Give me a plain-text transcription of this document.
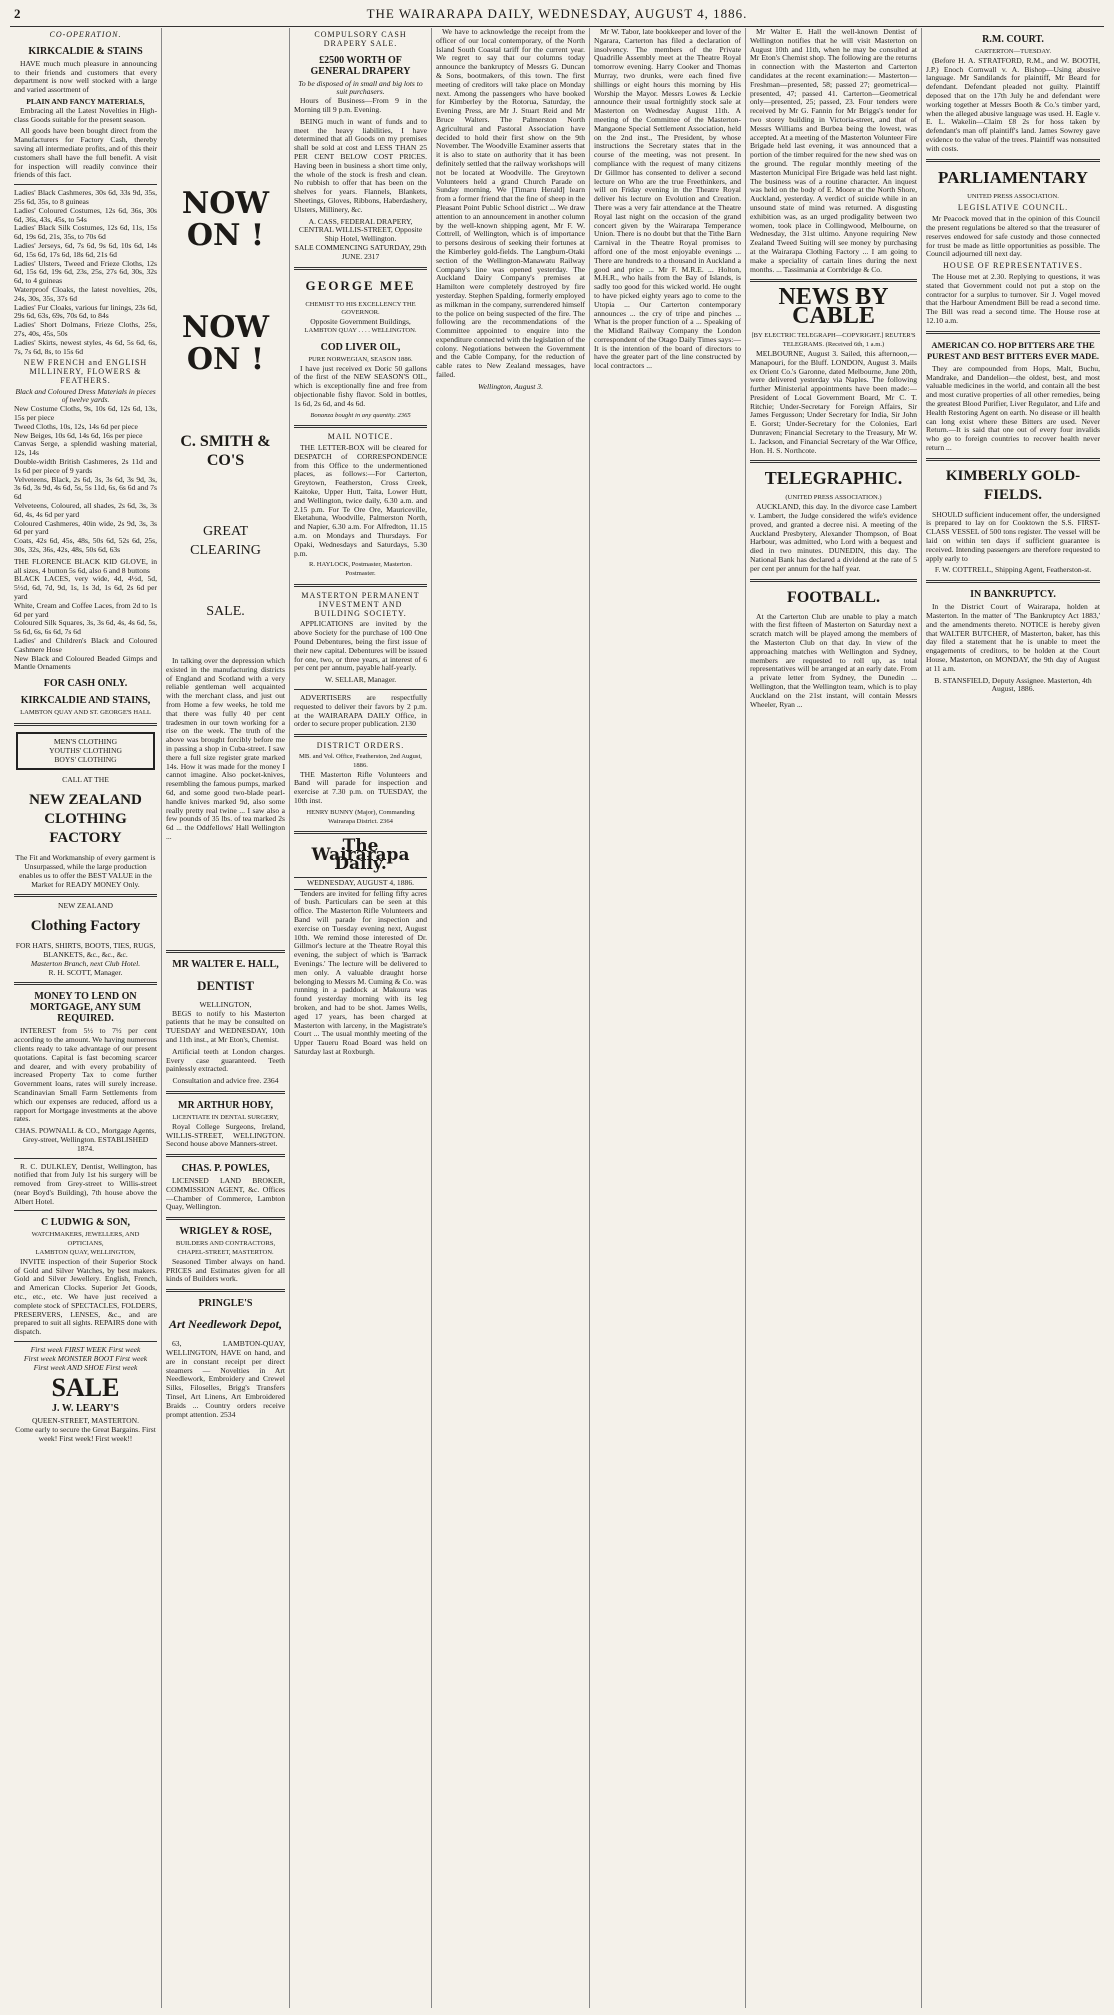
2	THE WAIRARAPA DAILY, WEDNESDAY, AUGUST 4, 1886.
CO-OPERATION.
KIRKCALDIE & STAINS

HAVE much much pleasure in announcing to their friends and customers that every department is now well stocked with a large and varied assortment of

PLAIN AND FANCY MATERIALS,

Embracing all the Latest Novelties in High-class Goods suitable for the present season.

All goods have been bought direct from the Manufacturers for Factory Cash, thereby saving all intermediate profits, and of this their customers shall have the full benefit. A visit for inspection will readily convince their friends of this fact.

Ladies' Black Cashmeres, 30s 6d, 33s 9d, 35s, 25s 6d, 35s, to 8 guineas
Ladies' Coloured Costumes, 12s 6d, 36s, 30s 6d, 36s, 43s, 45s, to 54s
Ladies' Black Silk Costumes, 12s 6d, 11s, 15s 6d, 19s 6d, 21s, 35s, to 70s 6d
Ladies' Jerseys, 6d, 7s 6d, 9s 6d, 10s 6d, 14s 6d, 15s 6d, 17s 6d, 18s 6d, 21s 6d
Ladies' Ulsters, Tweed and Frieze Cloths, 12s 6d, 15s 6d, 19s 6d, 23s, 25s, 27s 6d, 30s, 32s 6d, to 4 guineas
Waterproof Cloaks, the latest novelties, 20s, 24s, 30s, 35s, 37s 6d
Ladies' Fur Cloaks, various fur linings, 23s 6d, 29s 6d, 63s, 69s, 70s 6d, to 84s
Ladies' Short Dolmans, Frieze Cloths, 25s, 27s, 40s, 45s, 50s
Ladies' Skirts, newest styles, 4s 6d, 5s 6d, 6s, 7s, 7s 6d, 8s, to 15s 6d
NEW FRENCH and ENGLISH MILLINERY, FLOWERS & FEATHERS.
Black and Coloured Dress Materials in pieces of twelve yards.
New Costume Cloths, 9s, 10s 6d, 12s 6d, 13s, 15s per piece
Tweed Cloths, 10s, 12s, 14s 6d per piece
New Beiges, 10s 6d, 14s 6d, 16s per piece
Canvas Serge, a splendid washing material, 12s, 14s
Double-width British Cashmeres, 2s 11d and 1s 6d per piece of 9 yards
Velveteens, Black, 2s 6d, 3s, 3s 6d, 3s 9d, 3s, 3s 6d, 3s 9d, 4s 6d, 5s, 5s 11d, 6s, 6s 6d and 7s 6d
Velveteens, Coloured, all shades, 2s 6d, 3s, 3s 6d, 4s, 4s 6d per yard
Coloured Cashmeres, 40in wide, 2s 9d, 3s, 3s 6d per yard
Coats, 42s 6d, 45s, 48s, 50s 6d, 52s 6d, 25s, 30s, 32s, 36s, 42s, 48s, 50s 6d, 63s
THE FLORENCE BLACK KID GLOVE, in all sizes, 4 button 5s 6d, also 6 and 8 buttons
BLACK LACES, very wide, 4d, 4½d, 5d, 5½d, 6d, 7d, 9d, 1s, 1s 3d, 1s 6d, 2s 6d per yard
White, Cream and Coffee Laces, from 2d to 1s 6d per yard
Coloured Silk Squares, 3s, 3s 6d, 4s, 4s 6d, 5s, 5s 6d, 6s, 6s 6d, 7s 6d
Ladies' and Children's Black and Coloured Cashmere Hose
New Black and Coloured Beaded Gimps and Mantle Ornaments
FOR CASH ONLY.
KIRKCALDIE AND STAINS,
LAMBTON QUAY AND ST. GEORGE'S HALL
MEN'S CLOTHING
YOUTHS' CLOTHING
BOYS' CLOTHING
CALL AT THE
NEW ZEALAND CLOTHING FACTORY
The Fit and Workmanship of every garment is Unsurpassed, while the large production enables us to offer the BEST VALUE in the Market for READY MONEY Only.
NEW ZEALAND
Clothing Factory
FOR HATS, SHIRTS, BOOTS, TIES, RUGS, BLANKETS, &c., &c., &c.
Masterton Branch, next Club Hotel.
R. H. SCOTT, Manager.
MONEY TO LEND ON MORTGAGE, ANY SUM REQUIRED.

INTEREST from 5½ to 7½ per cent according to the amount. We having numerous clients ready to take advantage of our present quotations. Capital is fast becoming scarcer and dearer, and with every probability of increased Property Tax to come further Government loans, rates will surely increase. Scandinavian Small Farm Settlements from which our expenses are reduced, afford us a rapport for Mortgage investments at the above rates.

CHAS. POWNALL & CO., Mortgage Agents, Grey-street, Wellington. ESTABLISHED 1874.

R. C. DULKLEY, Dentist, Wellington, has notified that from July 1st his surgery will be removed from Grey-street to Willis-street (near Boyd's Building), 7th house above the Albert Hotel.

C LUDWIG & SON,
WATCHMAKERS, JEWELLERS, AND OPTICIANS,
LAMBTON QUAY, WELLINGTON,

INVITE inspection of their Superior Stock of Gold and Silver Watches, by best makers. Gold and Silver Jewellery. English, French, and American Clocks. Superior Jet Goods, etc., etc., etc. We have just received a complete stock of SPECTACLES, FOLDERS, PRESERVERS, LENSES, &c., and are prepared to suit all sights. REPAIRS done with dispatch.

First week FIRST WEEK First week
First week MONSTER BOOT First week
First week AND SHOE First week
SALE
J. W. LEARY'S
QUEEN-STREET, MASTERTON.
Come early to secure the Great Bargains. First week! First week! First week!!
NOW ON !
NOW ON !
C. SMITH & CO'S
GREAT CLEARING
SALE.

In talking over the depression which existed in the manufacturing districts of England and Scotland with a very reliable gentleman well acquainted with the merchant class, and just out from Home a few weeks, he told me that there was fully 40 per cent tradesmen in our town working for a rise on the week. The truth of the above was brought forcibly before me in passing a shop in Cuba-street. I saw there a full size register grate marked 14s. How it was made for the money I cannot imagine. Also pocket-knives, resembling the famous pumps, marked 6d, and some good two-blade pearl-handle knives marked 9d, also some really pretty real twine ... I saw also a few pounds of 35 lbs. of tea marked 2s 6d ... the Oddfellows' Hall Wellington ...

MR WALTER E. HALL,
DENTIST
WELLINGTON,

BEGS to notify to his Masterton patients that he may be consulted on TUESDAY and WEDNESDAY, 10th and 11th inst., at Mr Eton's, Chemist.

Artificial teeth at London charges. Every case guaranteed. Teeth painlessly extracted.

Consultation and advice free. 2364
MR ARTHUR HOBY,
LICENTIATE IN DENTAL SURGERY,

Royal College Surgeons, Ireland, WILLIS-STREET, WELLINGTON. Second house above Manners-street.

CHAS. P. POWLES,

LICENSED LAND BROKER, COMMISSION AGENT, &c. Offices—Chamber of Commerce, Lambton Quay, Wellington.

WRIGLEY & ROSE,
BUILDERS AND CONTRACTORS,
CHAPEL-STREET, MASTERTON.

Seasoned Timber always on hand. PRICES and Estimates given for all kinds of Builders work.

PRINGLE'S
Art Needlework Depot,

63, LAMBTON-QUAY, WELLINGTON, HAVE on hand, and are in constant receipt per direct steamers — Novelties in Art Needlework, Embroidery and Crewel Silks, Filoselles, Brigg's Transfers Tinsel, Art Linens, Art Embroidered Braids ... Country orders receive prompt attention. 2534

COMPULSORY CASH DRAPERY SALE.
£2500 WORTH OF GENERAL DRAPERY
To be disposed of in small and big lots to suit purchasers.

Hours of Business—From 9 in the Morning till 9 p.m. Evening.

BEING much in want of funds and to meet the heavy liabilities, I have determined that all Goods on my premises shall be sold at cost and LESS THAN 25 PER CENT BELOW COST PRICES. Having been in business a short time only, the whole of the stock is fresh and clean. No rubbish to offer that has been on the shelves for years. Flannels, Blankets, Sheetings, Gloves, Ribbons, Haberdashery, Ulsters, Millinery, &c.

A. CASS, FEDERAL DRAPERY, CENTRAL WILLIS-STREET, Opposite Ship Hotel, Wellington.
SALE COMMENCING SATURDAY, 29th JUNE. 2317
GEORGE MEE
CHEMIST TO HIS EXCELLENCY THE GOVERNOR.
Opposite Government Buildings,
LAMBTON QUAY . . . . WELLINGTON.
COD LIVER OIL,
PURE NORWEGIAN, SEASON 1886.

I have just received ex Doric 50 gallons of the first of the NEW SEASON'S OIL, which is exceptionally fine and free from objectionable fishy flavor. Sold in bottles, 1s 6d, 2s 6d, and 4s 6d.

Bonanza bought in any quantity. 2365
MAIL NOTICE.

THE LETTER-BOX will be cleared for DESPATCH of CORRESPONDENCE from this Office to the undermentioned places, as follows:—For Carterton, Greytown, Featherston, Cross Creek, Kaitoke, Upper Hutt, Taita, Lower Hutt, and Wellington, twice daily, 6.30 a.m. and 2.15 p.m. For Te Ore Ore, Mauriceville, Eketahuna, Woodville, Palmerston North, and Napier, 6.30 a.m. For Alfredton, 11.15 a.m. on Mondays and Thursdays. For Opaki, Wednesdays and Saturdays, 5.30 p.m.

R. HAYLOCK, Postmaster, Masterton. Postmaster.
MASTERTON PERMANENT INVESTMENT AND BUILDING SOCIETY.

APPLICATIONS are invited by the above Society for the purchase of 100 One Pound Debentures, being the first issue of their new capital. Debentures will be issued for one, two, or three years, at interest of 6 per cent per annum, payable half-yearly.

W. SELLAR, Manager.

ADVERTISERS are respectfully requested to deliver their favors by 2 p.m. at the WAIRARAPA DAILY Office, in order to secure proper publication. 2130

DISTRICT ORDERS.
MB. and Vol. Office, Featherston, 2nd August, 1886.

THE Masterton Rifle Volunteers and Band will parade for inspection and exercise at 7.30 p.m. on TUESDAY, the 10th inst.

HENRY BUNNY (Major), Commanding Wairarapa District. 2364
The Wairarapa Daily.
WEDNESDAY, AUGUST 4, 1886.

Tenders are invited for felling fifty acres of bush. Particulars can be seen at this office. The Masterton Rifle Volunteers and Band will parade for inspection and exercise on Tuesday evening next, August 10th. We remind those interested of Dr. Gillmor's lecture at the Theatre Royal this evening, the subject of which is 'Barrack Evenings.' The lecture will be delivered to men only. A valuable draught horse belonging to Messrs M. Cuming & Co. was running in a paddock at Makoura was found yesterday morning with its leg broken, and had to be shot. James Wells, aged 17 years, has been charged at Masterton with larceny, in the Magistrate's Court ... The usual monthly meeting of the Upper Taueru Road Board was held on Saturday last at Roxburgh.

We have to acknowledge the receipt from the officer of our local contemporary, of the North Island South Coastal tariff for the current year. We regret to say that our columns today announce the bankruptcy of Messrs G. Duncan & Sons, bootmakers, of this town. The first meeting of creditors will take place on Monday next. Among the passengers who have booked for Kimberley by the Rotorua, Saturday, the Evening Press, are Mr J. Stuart Reid and Mr Bruce Walters. The Palmerston North Agricultural and Pastoral Association have decided to hold their first show on the 9th November. The Woodville Examiner asserts that it is also to state on authority that it has been definitely settled that the railway workshops will not be located at Woodville. The Greytown Volunteers held a grand Church Parade on Sunday morning. We [Timaru Herald] learn from a former friend that the fine of sheep in the Pleasant Point Public School district ... We draw attention to an announcement in another column by the well-known shipping agent, Mr F. W. Cottrell, of Wellington, which is of importance to persons desirous of seeking their fortunes at the Kimberley gold-fields. The Langburn-Otaki section of the Wellington-Manawatu Railway Company's line was opened yesterday. The Auckland Dairy Company's premises at Hamilton were completely destroyed by fire yesterday. Stephen Spalding, formerly employed as milkman in the company, surrendered himself to the police on being suspected of the fire. The following are the recommendations of the Committee appointed to enquire into the expenditure connected with the legislation of the colony. Negotiations between the Government and the Cable Company, for the reduction of cable rates to New Zealand messages, have failed.

Wellington, August 3.

Mr W. Tabor, late bookkeeper and lover of the Ngarara, Carterton has filed a declaration of insolvency. The members of the Private Quadrille Assembly meet at the Theatre Royal tomorrow evening. Harry Cooker and Thomas Murray, two drunks, were each fined five shillings or eight hours this morning by His Worship the Mayor. Messrs Lowes & Leckie announce their usual fortnightly stock sale at Masterton on Wednesday August 11th. A meeting of the Committee of the Masterton-Mangaone Special Settlement Association, held on the 2nd inst., The President, by whose instructions the Secretary states that in the course of the meeting, was not present. In compliance with the request of many citizens Dr Gillmor has consented to deliver a second lecture on Who are the true Freethinkers, and will on Friday evening in the Theatre Royal deliver his lecture on Evolution and Creation. There was a very fair attendance at the Theatre Royal last night on the occasion of the grand concert given by the Wairarapa Temperance Union. There is no doubt but that the Tithe Barn Carnival in the Theatre Royal promises to afford one of the most enjoyable evenings ... There are hundreds to a thousand in Auckland a good and price ... Mr F. M.R.E. ... Holton, M.H.R., who hails from the Bay of Islands, is sadly too good for this wicked world. He ought to have picked eighty years ago to come to the Utopia ... Our Carterton contemporary announces ... the cry of tripe and pinches ... What is the proper function of a ... Speaking of the Midland Railway Company the London correspondent of the Otago Daily Times says:— It is the intention of the board of directors to have the greater part of the line constructed by local contractors ...

Mr Walter E. Hall the well-known Dentist of Wellington notifies that he will visit Masterton on August 10th and 11th, when he may be consulted at Mr Eton's Chemist shop. The following are the returns in connection with the Masterton and Carterton candidates at the recent examination:— Masterton—Freshman—presented, 58; passed 27; geometrical—presented, 47; passed 41. Carterton—Geometrical only—presented, 25; passed, 23. Four tenders were received by Mr G. Fannin for Mr Briggs's tender for two storey building in Victoria-street, and that of Messrs Williams and Burbea being the lowest, was accepted. At a meeting of the Masterton Volunteer Fire Brigade held last evening, it was announced that a portion of the timber required for the new shed was on the ground. The regular monthly meeting of the Masterton Municipal Fire Brigade was held last night. The business was of a routine character. An inquest was held on the body of E. Moore at the North Shore, Auckland, yesterday. A verdict of suicide while in an unsound state of mind was returned. A disgusting exhibition was, as an urged prodigality between two women, took place in Collingwood, Melbourne, on Wednesday, the 31st ultimo. Anyone requiring New Zealand Tweed Suiting will see money by purchasing at the Wairarapa Clothing Factory ... I am going to make a speciality of cartain lines during the next months. ... Tassimania at Cornbridge & Co.

NEWS BY CABLE
[BY ELECTRIC TELEGRAPH—COPYRIGHT.] REUTER'S TELEGRAMS. (Received 6th, 1 a.m.)

MELBOURNE, August 3. Sailed, this afternoon,—Manapouri, for the Bluff. LONDON, August 3. Mails ex Orient Co.'s Garonne, dated Melbourne, June 20th, were delivered yesterday via Naples. The following further Ministerial appointments have been made:— President of Local Government Board, Mr C. T. Ritchie; Under-Secretary for Foreign Affairs, Sir James Fergusson; Under Secretary for India, Sir John E. Gorst; Under-Secretary for the Colonies, Earl Dunraven; Financial Secretary to the Treasury, Mr W. L. Jackson, and Financial Secretary of the War Office, Hon. H. S. Northcote.

TELEGRAPHIC.
(UNITED PRESS ASSOCIATION.)

AUCKLAND, this day. In the divorce case Lambert v. Lambert, the Judge considered the wife's evidence proved, and granted a decree nisi. A meeting of the Auckland Presbytery, Alexander Thompson, of Boat Harbour, was admitted, who Lord with a bequest and died in two minutes. DUNEDIN, this day. The National Bank has declared a dividend at the rate of 5 per cent per annum for the half year.

FOOTBALL.

At the Carterton Club are unable to play a match with the first fifteen of Masterton on Saturday next a scratch match will be played among the members of the Masterton Club on that day. In view of the approaching matches with Wellington and Sydney, members are requested to roll up, as total representatives will be arranged at an early date. From a private letter from Sydney, the Dunedin ... Wellington, that the Wellington team, which is to play Auckland on the 21st instant, will contain Messrs Wheeler, Ryan ...

R.M. COURT.
CARTERTON—TUESDAY.

(Before H. A. STRATFORD, R.M., and W. BOOTH, J.P.) Enoch Cornwall v. A. Bishop—Using abusive language. Mr Sandilands for plaintiff, Mr Beard for defendant. Defendant pleaded not guilty. Plaintiff deposed that on the 17th July he and defendant were working together at Messrs Booth & Co.'s timber yard, when the alleged abusive language was used. H. Eagle v. E. L. Wakelin—Claim £8 2s for hoss taken by defendant's man off plaintiff's land. James Sowrey gave evidence to the value of the trees. Plaintiff was nonsuited with costs.

PARLIAMENTARY
UNITED PRESS ASSOCIATION.
LEGISLATIVE COUNCIL.

Mr Peacock moved that in the opinion of this Council the present regulations be altered so that the treasurer of reserves endowed for safe custody and those connected for trust be made as little opportunities as possible. The Council adjourned till next day.

HOUSE OF REPRESENTATIVES.

The House met at 2.30. Replying to questions, it was stated that Government could not put a stop on the contractor for a surplus to turnover. Sir J. Vogel moved that the Harbour Amendment Bill be read a second time. The Bill was read a second time. The House rose at 12.10 a.m.

AMERICAN CO. HOP BITTERS ARE THE PUREST AND BEST BITTERS EVER MADE.

They are compounded from Hops, Malt, Buchu, Mandrake, and Dandelion—the oldest, best, and most valuable medicines in the world, and contain all the best and most curative properties of all other remedies, being the greatest Blood Purifier, Liver Regulator, and Life and Health Restoring Agent on earth. No disease or ill health can long exist where these Bitters are used. Never Return.—It is said that one out of every four invalids who go to foreign countries to recover health never return ...

KIMBERLY GOLD-FIELDS.

SHOULD sufficient inducement offer, the undersigned is prepared to lay on for Cooktown the S.S. FIRST-CLASS VESSEL of 500 tons register. The vessel will be laid on within ten days if sufficient guarantee is received. Intending passengers are therefore requested to apply early to

F. W. COTTRELL, Shipping Agent, Featherston-st.
IN BANKRUPTCY.

In the District Court of Wairarapa, holden at Masterton. In the matter of 'The Bankruptcy Act 1883,' and the amendments thereto. NOTICE is hereby given that WALTER BUTCHER, of Masterton, baker, has this day filed a statement that he is unable to meet the engagements of creditors, to be holden at the Court House, Masterton, on MONDAY, the 9th day of August at 11 a.m.

B. STANSFIELD, Deputy Assignee. Masterton, 4th August, 1886.
